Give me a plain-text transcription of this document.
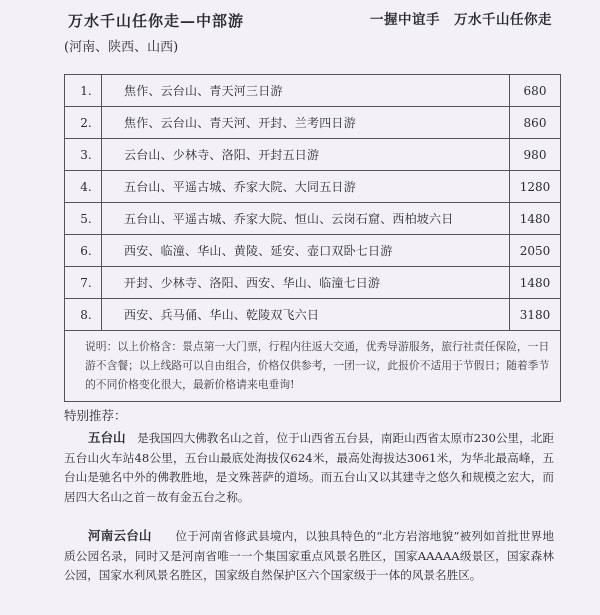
万水千山任你走—中部游	一握中谊手　万水千山任你走
(河南、陕西、山西)
1.	焦作、云台山、青天河三日游	680
2.	焦作、云台山、青天河、开封、兰考四日游	860
3.	云台山、少林寺、洛阳、开封五日游	980
4.	五台山、平遥古城、乔家大院、大同五日游	1280
5.	五台山、平遥古城、乔家大院、恒山、云岗石窟、西柏坡六日	1480
6.	西安、临潼、华山、黄陵、延安、壶口双卧七日游	2050
7.	开封、少林寺、洛阳、西安、华山、临潼七日游	1480
8.	西安、兵马俑、华山、乾陵双飞六日	3180
说明：以上价格含：景点第一大门票，行程内往返大交通，优秀导游服务，旅行社责任保险，一日游不含餐；以上线路可以自由组合，价格仅供参考，一团一议，此报价不适用于节假日；随着季节的不同价格变化很大，最新价格请来电垂询!		
特别推荐：
五台山　 是我国四大佛教名山之首，位于山西省五台县，南距山西省太原市230公里，北距五台山火车站48公里，五台山最底处海拔仅624米，最高处海拔达3061米，为华北最高峰，五台山是驰名中外的佛教胜地，是文殊菩萨的道场。而五台山又以其建寺之悠久和规模之宏大，而居四大名山之首－故有金五台之称。
河南云台山　　 位于河南省修武县境内，以独具特色的“北方岩溶地貌”被列如首批世界地质公园名录，同时又是河南省唯一一个集国家重点风景名胜区，国家AAAAA级景区，国家森林公园，国家水利风景名胜区，国家级自然保护区六个国家级于一体的风景名胜区。
